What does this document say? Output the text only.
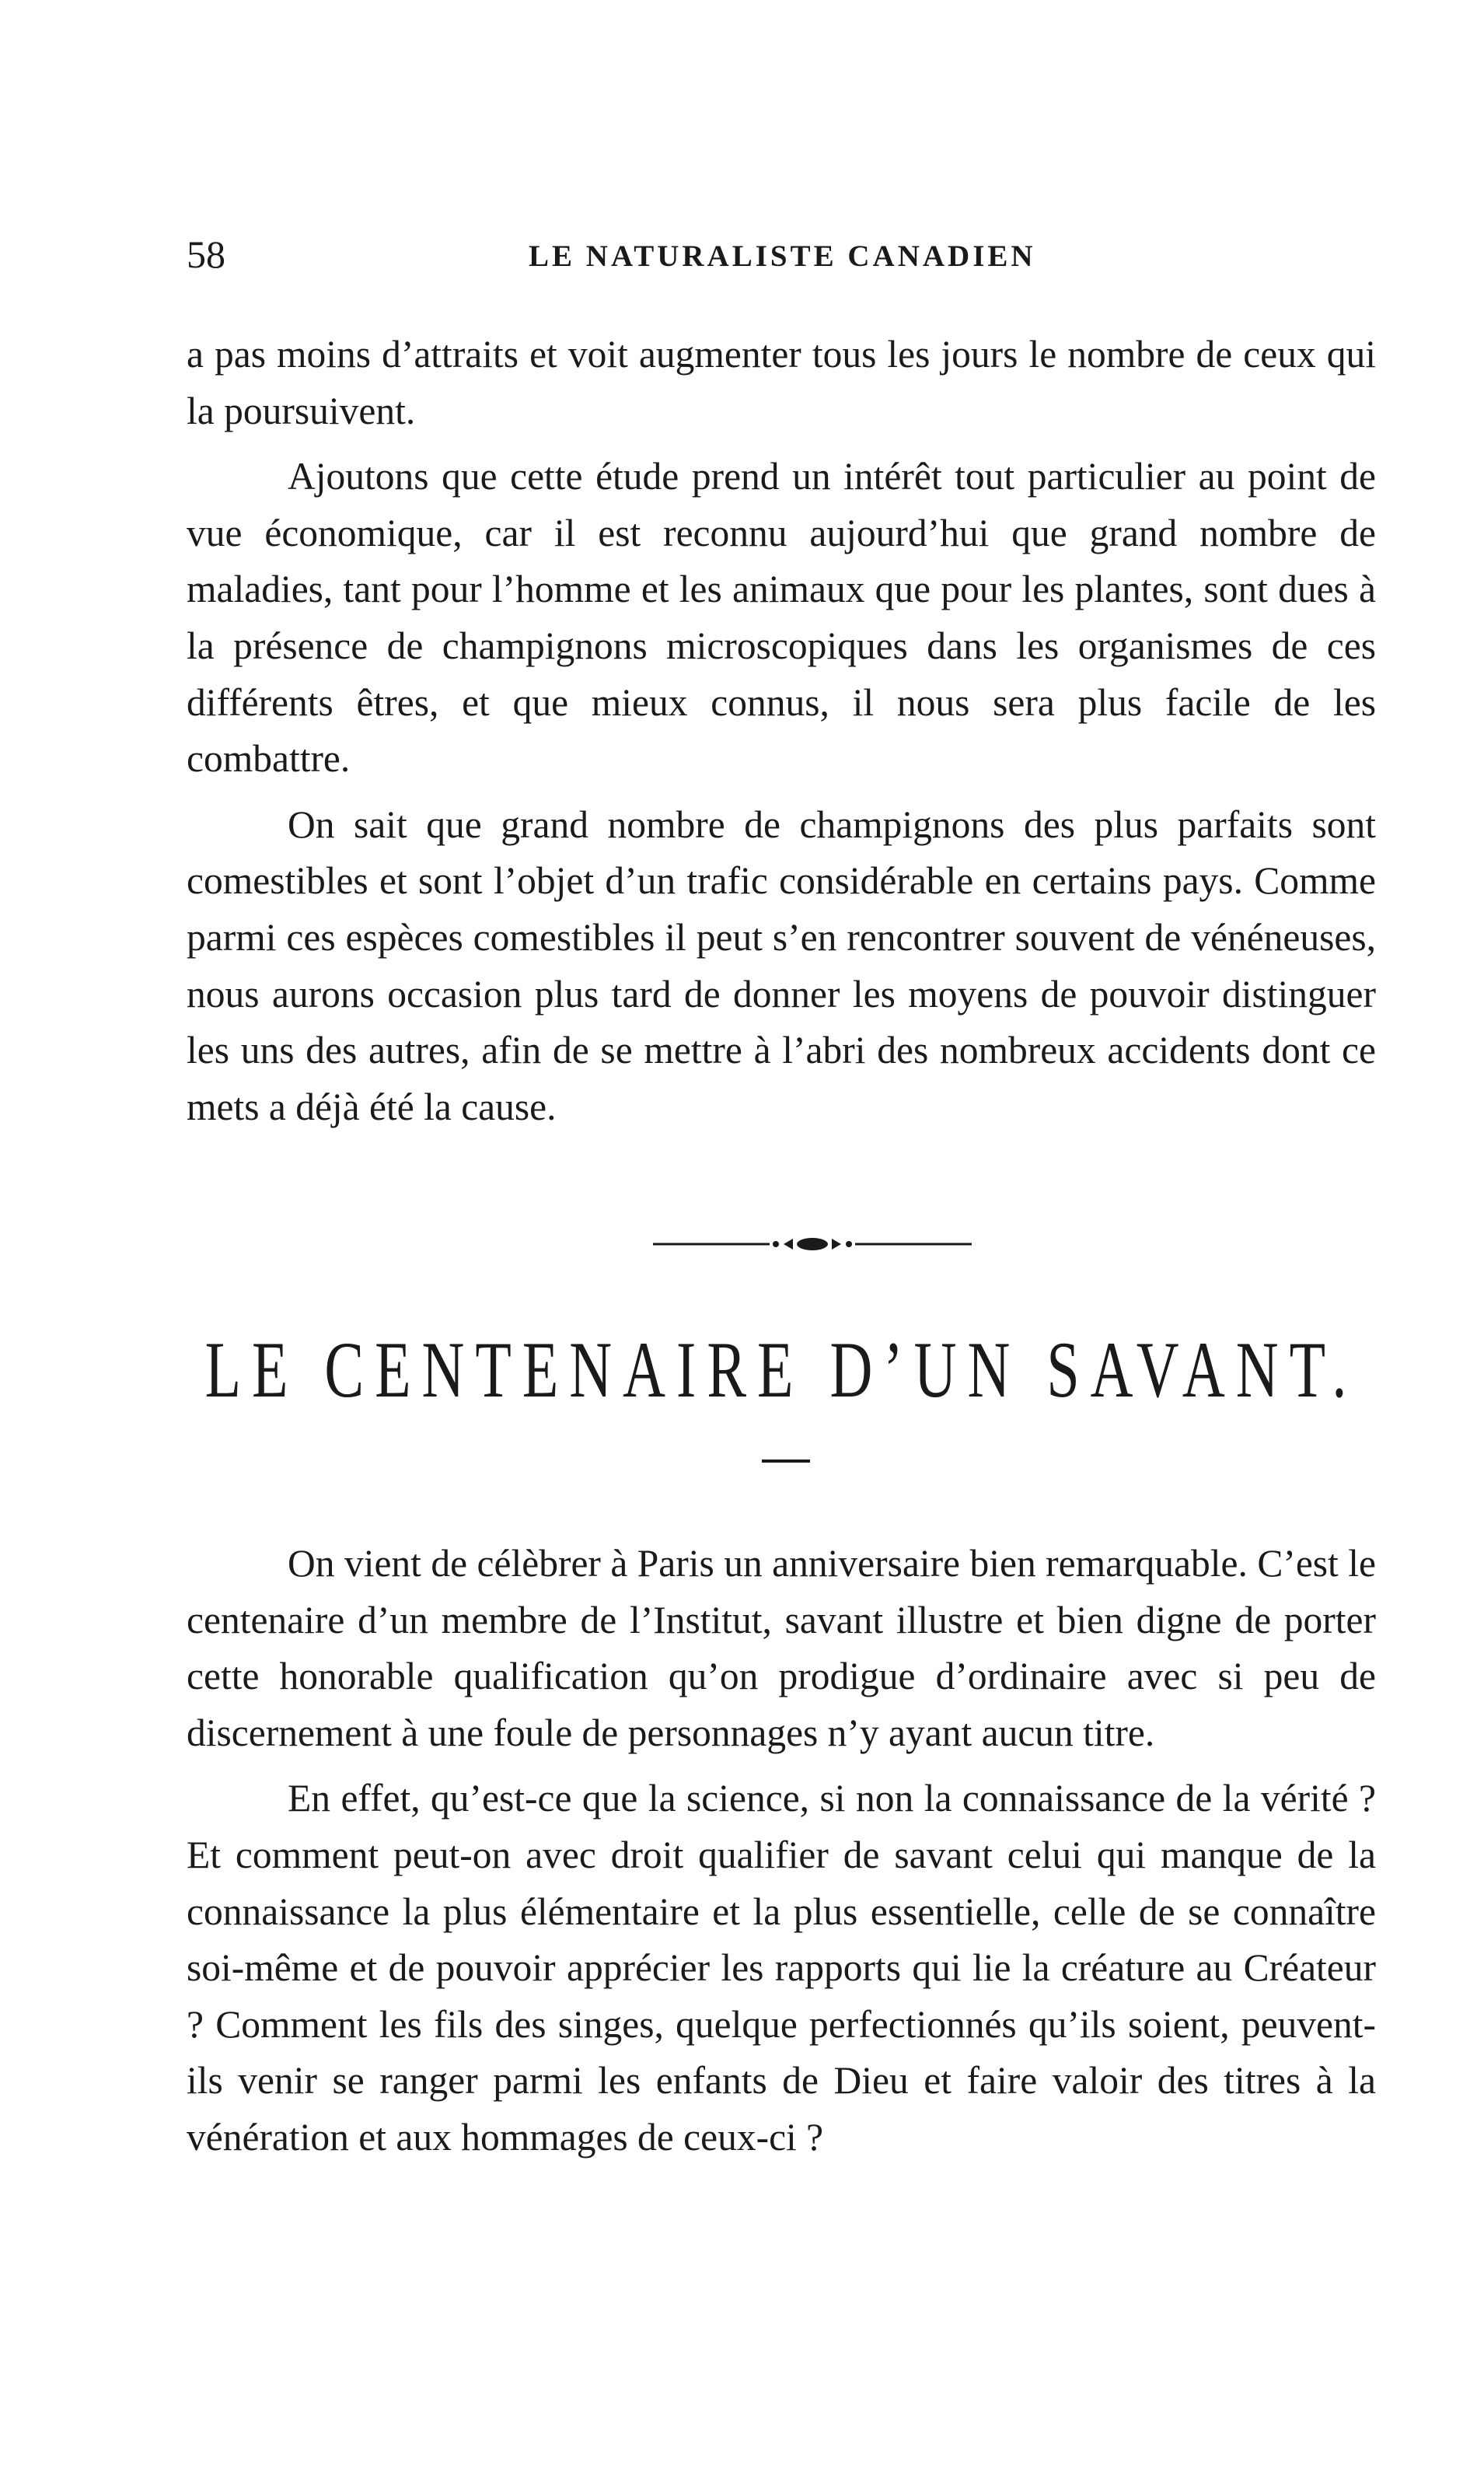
58	LE NATURALISTE CANADIEN

a pas moins d’attraits et voit augmenter tous les jours le nombre de ceux qui la poursuivent.

Ajoutons que cette étude prend un intérêt tout particulier au point de vue économique, car il est reconnu aujourd’hui que grand nombre de maladies, tant pour l’homme et les animaux que pour les plantes, sont dues à la présence de champignons microscopiques dans les organismes de ces différents êtres, et que mieux connus, il nous sera plus facile de les combattre.

On sait que grand nombre de champignons des plus parfaits sont comestibles et sont l’objet d’un trafic considérable en certains pays. Comme parmi ces espèces comestibles il peut s’en rencontrer souvent de vénéneuses, nous aurons occasion plus tard de donner les moyens de pouvoir distinguer les uns des autres, afin de se mettre à l’abri des nombreux accidents dont ce mets a déjà été la cause.

LE CENTENAIRE D’UN SAVANT.

On vient de célèbrer à Paris un anniversaire bien remarquable. C’est le centenaire d’un membre de l’Institut, savant illustre et bien digne de porter cette honorable qualification qu’on prodigue d’ordinaire avec si peu de discernement à une foule de personnages n’y ayant aucun titre.

En effet, qu’est-ce que la science, si non la connaissance de la vérité ? Et comment peut-on avec droit qualifier de savant celui qui manque de la connaissance la plus élémentaire et la plus essentielle, celle de se connaître soi-même et de pouvoir apprécier les rapports qui lie la créature au Créateur ? Comment les fils des singes, quelque perfectionnés qu’ils soient, peuvent-ils venir se ranger parmi les enfants de Dieu et faire valoir des titres à la vénération et aux hommages de ceux-ci ?
